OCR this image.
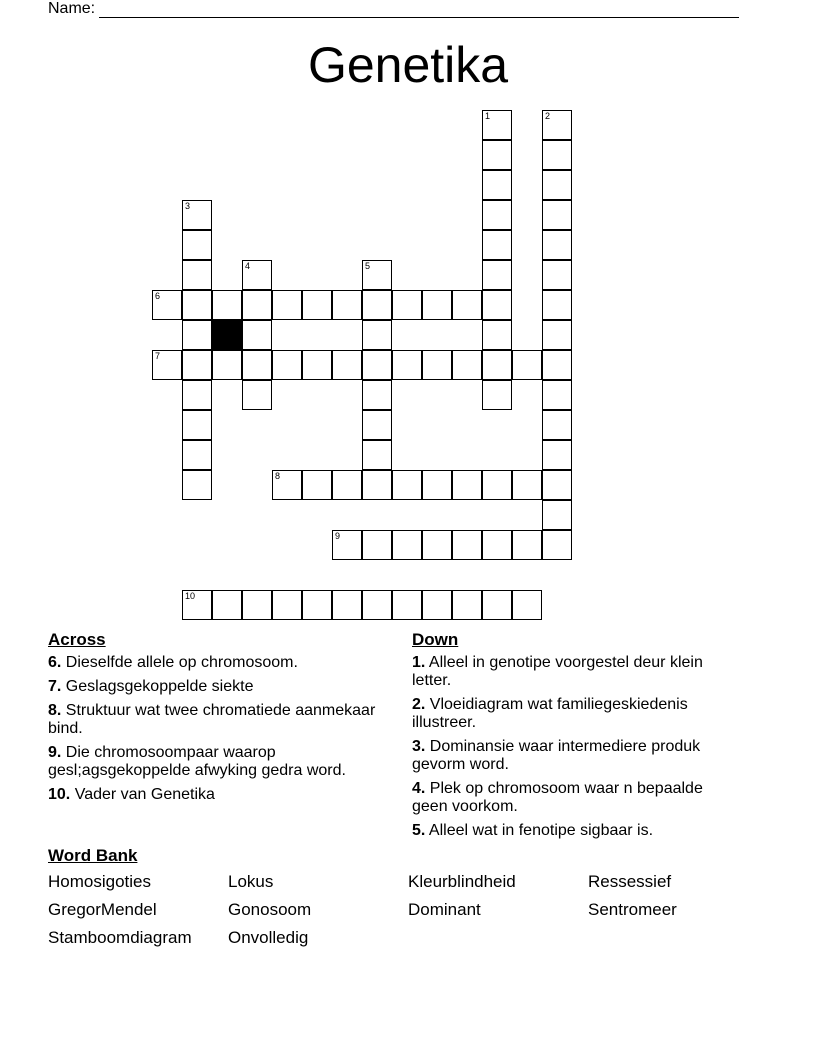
Name:
Genetika
1	2
3
4	5
6
7
8
9
10
Across
6. Dieselfde allele op chromosoom.
7. Geslagsgekoppelde siekte
8. Struktuur wat twee chromatiede aanmekaar bind.
9. Die chromosoompaar waarop gesl;agsgekoppelde afwyking gedra word.
10. Vader van Genetika
Down
1. Alleel in genotipe voorgestel deur klein letter.
2. Vloeidiagram wat familiegeskiedenis illustreer.
3. Dominansie waar intermediere produk gevorm word.
4. Plek op chromosoom waar n bepaalde geen voorkom.
5. Alleel wat in fenotipe sigbaar is.
Word Bank
Homosigoties	Lokus	Kleurblindheid	Ressessief
GregorMendel	Gonosoom	Dominant	Sentromeer
Stamboomdiagram	Onvolledig
